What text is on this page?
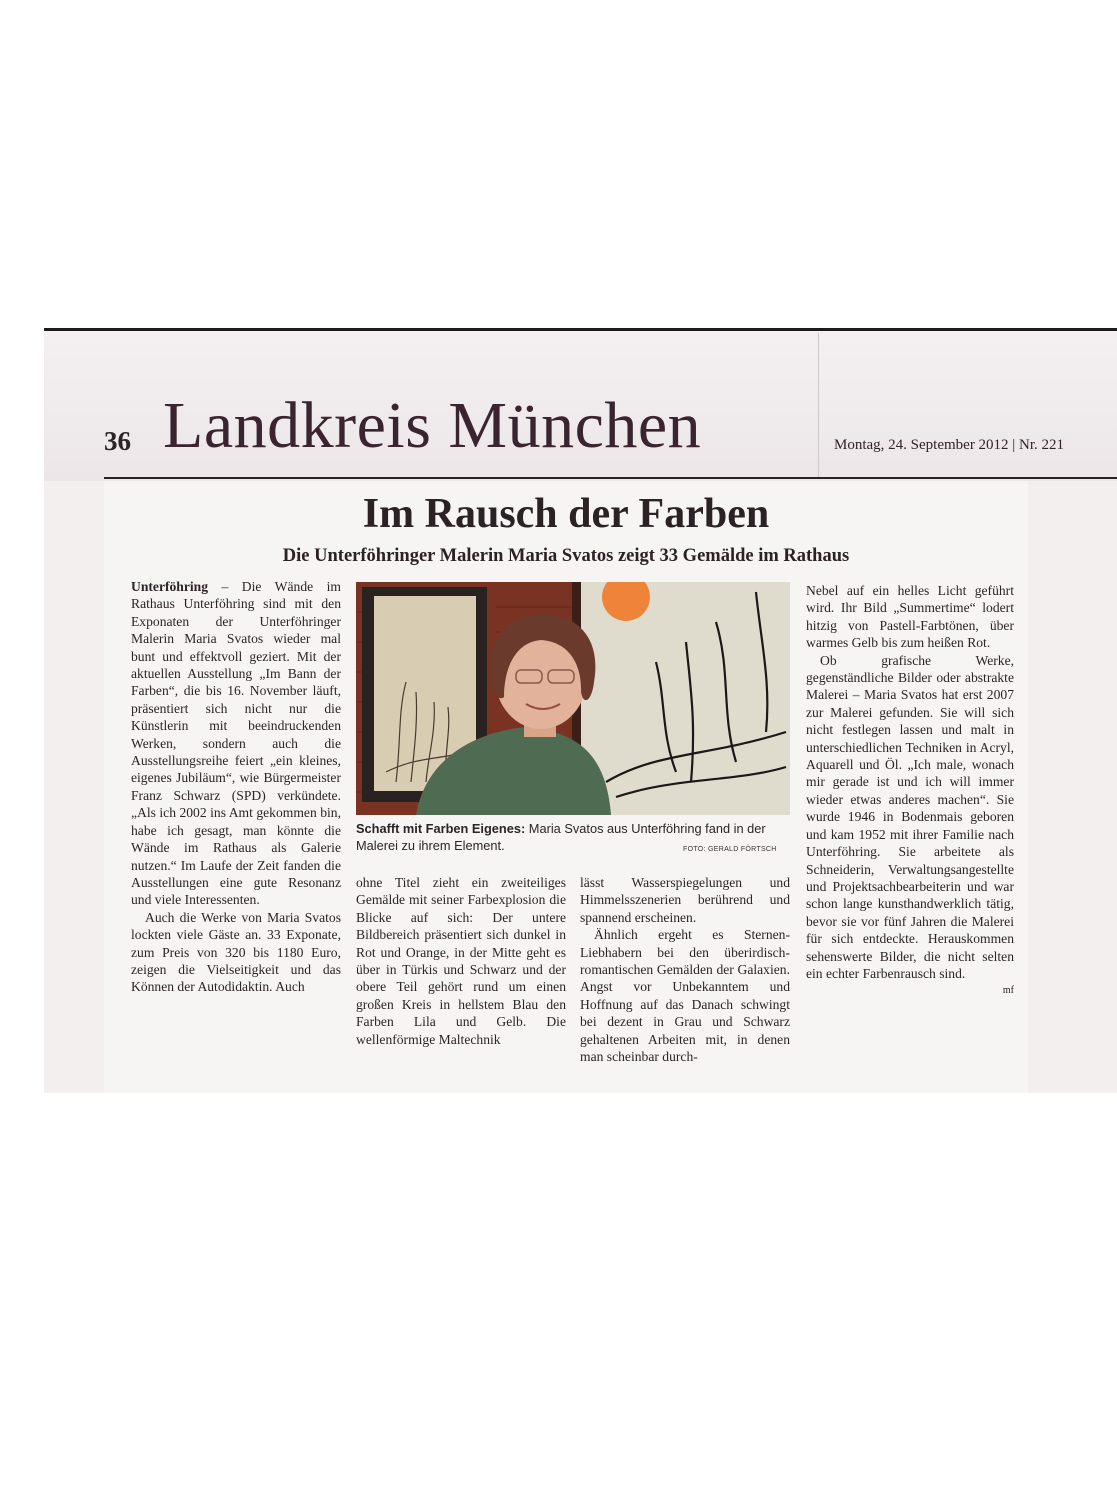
36 Landkreis München	Montag, 24. September 2012 | Nr. 221
Im Rausch der Farben
Die Unterföhringer Malerin Maria Svatos zeigt 33 Gemälde im Rathaus

Unterföhring – Die Wände im Rathaus Unterföhring sind mit den Exponaten der Unterföhringer Malerin Maria Svatos wieder mal bunt und effektvoll geziert. Mit der aktuellen Ausstellung „Im Bann der Farben“, die bis 16. November läuft, präsentiert sich nicht nur die Künstlerin mit beeindruckenden Werken, sondern auch die Ausstellungsreihe feiert „ein kleines, eigenes Jubiläum“, wie Bürgermeister Franz Schwarz (SPD) verkündete. „Als ich 2002 ins Amt gekommen bin, habe ich gesagt, man könnte die Wände im Rathaus als Galerie nutzen.“ Im Laufe der Zeit fanden die Ausstellungen eine gute Resonanz und viele Interessenten.

Auch die Werke von Maria Svatos lockten viele Gäste an. 33 Exponate, zum Preis von 320 bis 1180 Euro, zeigen die Vielseitigkeit und das Können der Autodidaktin. Auch

Schafft mit Farben Eigenes: Maria Svatos aus Unterföhring fand in der Malerei zu ihrem Element.	FOTO: GERALD FÖRTSCH

ohne Titel zieht ein zweiteiliges Gemälde mit seiner Farbexplosion die Blicke auf sich: Der untere Bildbereich präsentiert sich dunkel in Rot und Orange, in der Mitte geht es über in Türkis und Schwarz und der obere Teil gehört rund um einen großen Kreis in hellstem Blau den Farben Lila und Gelb. Die wellenförmige Maltechnik

lässt Wasserspiegelungen und Himmelsszenerien berührend und spannend erscheinen.

Ähnlich ergeht es Sternen-Liebhabern bei den überirdisch-romantischen Gemälden der Galaxien. Angst vor Unbekanntem und Hoffnung auf das Danach schwingt bei dezent in Grau und Schwarz gehaltenen Arbeiten mit, in denen man scheinbar durch-

Nebel auf ein helles Licht geführt wird. Ihr Bild „Summertime“ lodert hitzig von Pastell-Farbtönen, über warmes Gelb bis zum heißen Rot.

Ob grafische Werke, gegenständliche Bilder oder abstrakte Malerei – Maria Svatos hat erst 2007 zur Malerei gefunden. Sie will sich nicht festlegen lassen und malt in unterschiedlichen Techniken in Acryl, Aquarell und Öl. „Ich male, wonach mir gerade ist und ich will immer wieder etwas anderes machen“. Sie wurde 1946 in Bodenmais geboren und kam 1952 mit ihrer Familie nach Unterföhring. Sie arbeitete als Schneiderin, Verwaltungsangestellte und Projektsachbearbeiterin und war schon lange kunsthandwerklich tätig, bevor sie vor fünf Jahren die Malerei für sich entdeckte. Herauskommen sehenswerte Bilder, die nicht selten ein echter Farbenrausch sind.

mf
